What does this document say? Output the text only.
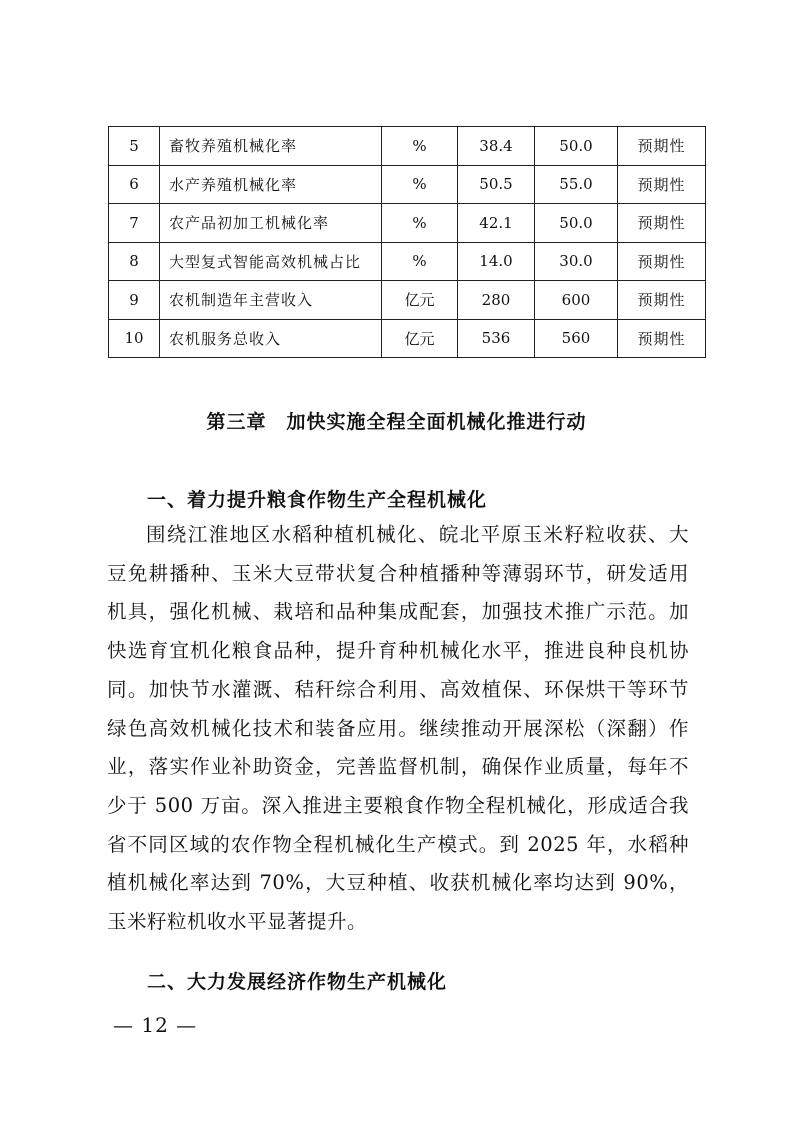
5	畜牧养殖机械化率	%	38.4	50.0	预期性
6	水产养殖机械化率	%	50.5	55.0	预期性
7	农产品初加工机械化率	%	42.1	50.0	预期性
8	大型复式智能高效机械占比	%	14.0	30.0	预期性
9	农机制造年主营收入	亿元	280	600	预期性
10	农机服务总收入	亿元	536	560	预期性
第三章　加快实施全程全面机械化推进行动
一、着力提升粮食作物生产全程机械化

围绕江淮地区水稻种植机械化、皖北平原玉米籽粒收获、大

豆免耕播种、玉米大豆带状复合种植播种等薄弱环节，研发适用

机具，强化机械、栽培和品种集成配套，加强技术推广示范。加

快选育宜机化粮食品种，提升育种机械化水平，推进良种良机协

同。加快节水灌溉、秸秆综合利用、高效植保、环保烘干等环节

绿色高效机械化技术和装备应用。继续推动开展深松（深翻）作

业，落实作业补助资金，完善监督机制，确保作业质量，每年不

少于 500 万亩。深入推进主要粮食作物全程机械化，形成适合我

省不同区域的农作物全程机械化生产模式。到 2025 年，水稻种

植机械化率达到 70%，大豆种植、收获机械化率均达到 90%，

玉米籽粒机收水平显著提升。

二、大力发展经济作物生产机械化
— 12 —
